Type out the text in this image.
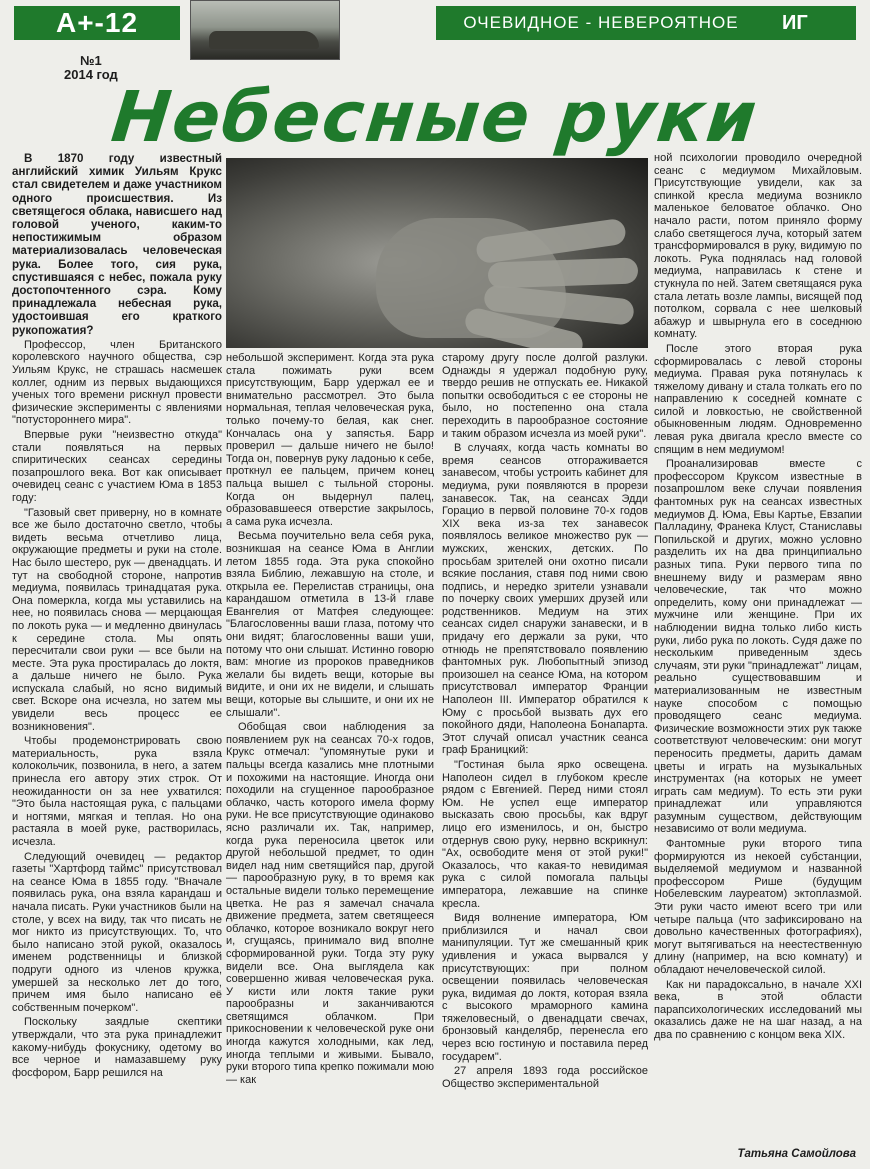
А+-12	ОЧЕВИДНОЕ - НЕВЕРОЯТНОЕ	ИГ
№1
2014 год
Небесные руки

В 1870 году известный английский химик Уильям Крукс стал свидетелем и даже участником одного происшествия. Из светящегося облака, нависшего над головой ученого, каким-то непостижимым образом материализовалась человеческая рука. Более того, сия рука, спустившаяся с небес, пожала руку достопочтенного сэра. Кому принадлежала небесная рука, удостоившая его краткого рукопожатия?

Профессор, член Британского королевского научного общества, сэр Уильям Крукс, не страшась насмешек коллег, одним из первых выдающихся ученых того времени рискнул провести физические эксперименты с явлениями "потустороннего мира".

Впервые руки "неизвестно откуда" стали появляться на первых спиритических сеансах середины позапрошлого века. Вот как описывает очевидец сеанс с участием Юма в 1853 году:

"Газовый свет приверну, но в комнате все же было достаточно светло, чтобы видеть весьма отчетливо лица, окружающие предметы и руки на столе. Нас было шестеро, рук — двенадцать. И тут на свободной стороне, напротив медиума, появилась тринадцатая рука. Она померкла, когда мы уставились на нее, но появилась снова — мерцающая по локоть рука — и медленно двинулась к середине стола. Мы опять пересчитали свои руки — все были на месте. Эта рука простиралась до локтя, а дальше ничего не было. Рука испускала слабый, но ясно видимый свет. Вскоре она исчезла, но затем мы увидели весь процесс ее возникновения".

Чтобы продемонстрировать свою материальность, рука взяла колокольчик, позвонила, в него, а затем принесла его автору этих строк. От неожиданности он за нее ухватился: "Это была настоящая рука, с пальцами и ногтями, мягкая и теплая. Но она растаяла в моей руке, растворилась, исчезла.

Следующий очевидец — редактор газеты "Хартфорд таймс" присутствовал на сеансе Юма в 1855 году. "Вначале появилась рука, она взяла карандаш и начала писать. Руки участников были на столе, у всех на виду, так что писать не мог никто из присутствующих. То, что было написано этой рукой, оказалось именем родственницы и близкой подруги одного из членов кружка, умершей за несколько лет до того, причем имя было написано её собственным почерком".

Поскольку заядлые скептики утверждали, что эта рука принадлежит какому-нибудь фокуснику, одетому во все черное и намазавшему руку фосфором, Барр решился на

небольшой эксперимент. Когда эта рука стала пожимать руки всем присутствующим, Барр удержал ее и внимательно рассмотрел. Это была нормальная, теплая человеческая рука, только почему-то белая, как снег. Кончалась она у запястья. Барр проверил — дальше ничего не было! Тогда он, повернув руку ладонью к себе, проткнул ее пальцем, причем конец пальца вышел с тыльной стороны. Когда он выдернул палец, образовавшееся отверстие закрылось, а сама рука исчезла.

Весьма поучительно вела себя рука, возникшая на сеансе Юма в Англии летом 1855 года. Эта рука спокойно взяла Библию, лежавшую на столе, и открыла ее. Перелистав страницы, она карандашом отметила в 13-й главе Евангелия от Матфея следующее: "Благословенны ваши глаза, потому что они видят; благословенны ваши уши, потому что они слышат. Истинно говорю вам: многие из пророков праведников желали бы видеть вещи, которые вы видите, и они их не видели, и слышать вещи, которые вы слышите, и они их не слышали".

Обобщая свои наблюдения за появлением рук на сеансах 70-х годов, Крукс отмечал: "упомянутые руки и пальцы всегда казались мне плотными и похожими на настоящие. Иногда они походили на сгущенное парообразное облачко, часть которого имела форму руки. Не все присутствующие одинаково ясно различали их. Так, например, когда рука переносила цветок или другой небольшой предмет, то один видел над ним светящийся пар, другой — парообразную руку, в то время как остальные видели только перемещение цветка. Не раз я замечал сначала движение предмета, затем светящееся облачко, которое возникало вокруг него и, сгущаясь, принимало вид вполне сформированной руки. Тогда эту руку видели все. Она выглядела как совершенно живая человеческая рука. У кисти или локтя такие руки парообразны и заканчиваются светящимся облачком. При прикосновении к человеческой руке они иногда кажутся холодными, как лед, иногда теплыми и живыми. Бывало, руки второго типа крепко пожимали мою — как

старому другу после долгой разлуки. Однажды я удержал подобную руку, твердо решив не отпускать ее. Никакой попытки освободиться с ее стороны не было, но постепенно она стала переходить в парообразное состояние и таким образом исчезла из моей руки".

В случаях, когда часть комнаты во время сеансов отгораживается занавесом, чтобы устроить кабинет для медиума, руки появляются в прорези занавесок. Так, на сеансах Эдди Горацио в первой половине 70-х годов XIX века из-за тех занавесок появлялось великое множество рук — мужских, женских, детских. По просьбам зрителей они охотно писали всякие послания, ставя под ними свою подпись, и нередко зрители узнавали по почерку своих умерших друзей или родственников. Медиум на этих сеансах сидел снаружи занавески, и в придачу его держали за руки, что отнюдь не препятствовало появлению фантомных рук. Любопытный эпизод произошел на сеансе Юма, на котором присутствовал император Франции Наполеон III. Император обратился к Юму с просьбой вызвать дух его покойного дяди, Наполеона Бонапарта. Этот случай описал участник сеанса граф Браницкий:

"Гостиная была ярко освещена. Наполеон сидел в глубоком кресле рядом с Евгенией. Перед ними стоял Юм. Не успел еще император высказать свою просьбы, как вдруг лицо его изменилось, и он, быстро отдернув свою руку, нервно вскрикнул: "Ах, освободите меня от этой руки!" Оказалось, что какая-то невидимая рука с силой помогала пальцы императора, лежавшие на спинке кресла.

Видя волнение императора, Юм приблизился и начал свои манипуляции. Тут же смешанный крик удивления и ужаса вырвался у присутствующих: при полном освещении появилась человеческая рука, видимая до локтя, которая взяла с высокого мраморного камина тяжеловесный, о двенадцати свечах, бронзовый канделябр, перенесла его через всю гостиную и поставила перед государем".

27 апреля 1893 года российское Общество экспериментальной

ной психологии проводило очередной сеанс с медиумом Михайловым. Присутствующие увидели, как за спинкой кресла медиума возникло маленькое беловатое облачко. Оно начало расти, потом приняло форму слабо светящегося луча, который затем трансформировался в руку, видимую по локоть. Рука поднялась над головой медиума, направилась к стене и стукнула по ней. Затем светящаяся рука стала летать возле лампы, висящей под потолком, сорвала с нее шелковый абажур и швырнула его в соседнюю комнату.

После этого вторая рука сформировалась с левой стороны медиума. Правая рука потянулась к тяжелому дивану и стала толкать его по направлению к соседней комнате с силой и ловкостью, не свойственной обыкновенным людям. Одновременно левая рука двигала кресло вместе со спящим в нем медиумом!

Проанализировав вместе с профессором Круксом известные в позапрошлом веке случаи появления фантомных рук на сеансах известных медиумов Д. Юма, Евы Картье, Евзапии Палладину, Франека Клуст, Станиславы Попильской и других, можно условно разделить их на два принципиально разных типа. Руки первого типа по внешнему виду и размерам явно человеческие, так что можно определить, кому они принадлежат — мужчине или женщине. При их наблюдении видна только либо кисть руки, либо рука по локоть. Судя даже по нескольким приведенным здесь случаям, эти руки "принадлежат" лицам, реально существовавшим и материализованным не известным науке способом с помощью проводящего сеанс медиума. Физические возможности этих рук также соответствуют человеческим: они могут переносить предметы, дарить дамам цветы и играть на музыкальных инструментах (на которых не умеет играть сам медиум). То есть эти руки принадлежат или управляются разумным существом, действующим независимо от воли медиума.

Фантомные руки второго типа формируются из некоей субстанции, выделяемой медиумом и названной профессором Рише (будущим Нобелевским лауреатом) эктоплазмой. Эти руки часто имеют всего три или четыре пальца (что зафиксировано на довольно качественных фотографиях), могут вытягиваться на неестественную длину (например, на всю комнату) и обладают нечеловеческой силой.

Как ни парадоксально, в начале XXI века, в этой области парапсихологических исследований мы оказались даже не на шаг назад, а на два по сравнению с концом века XIX.

Татьяна Самойлова
